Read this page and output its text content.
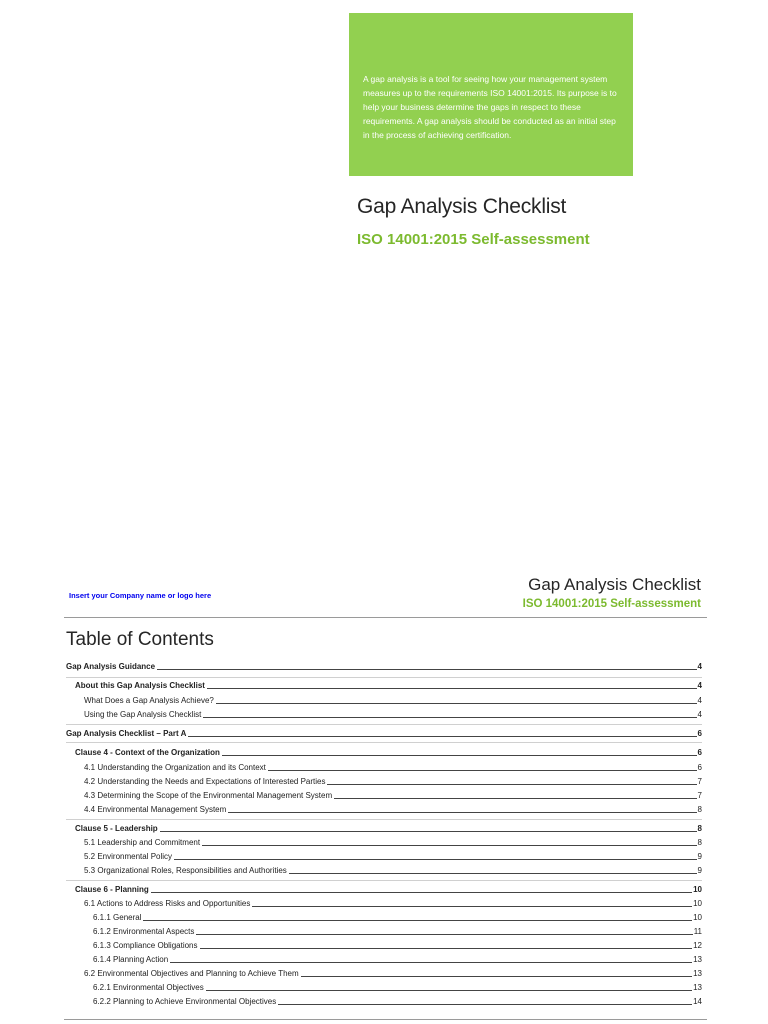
A gap analysis is a tool for seeing how your management system measures up to the requirements ISO 14001:2015. Its purpose is to help your business determine the gaps in respect to these requirements. A gap analysis should be conducted as an initial step in the process of achieving certification.

Gap Analysis Checklist
ISO 14001:2015 Self-assessment
Insert your Company name or logo here
Gap Analysis Checklist
ISO 14001:2015 Self-assessment
Table of Contents
Gap Analysis Guidance	4
About this Gap Analysis Checklist	4
What Does a Gap Analysis Achieve?	4
Using the Gap Analysis Checklist	4
Gap Analysis Checklist – Part A	6
Clause 4 - Context of the Organization	6
4.1 Understanding the Organization and its Context	6
4.2 Understanding the Needs and Expectations of Interested Parties	7
4.3 Determining the Scope of the Environmental Management System	7
4.4 Environmental Management System	8
Clause 5 - Leadership	8
5.1 Leadership and Commitment	8
5.2 Environmental Policy	9
5.3 Organizational Roles, Responsibilities and Authorities	9
Clause 6 - Planning	10
6.1 Actions to Address Risks and Opportunities	10
6.1.1 General	10
6.1.2 Environmental Aspects	11
6.1.3 Compliance Obligations	12
6.1.4 Planning Action	13
6.2 Environmental Objectives and Planning to Achieve Them	13
6.2.1 Environmental Objectives	13
6.2.2 Planning to Achieve Environmental Objectives	14
